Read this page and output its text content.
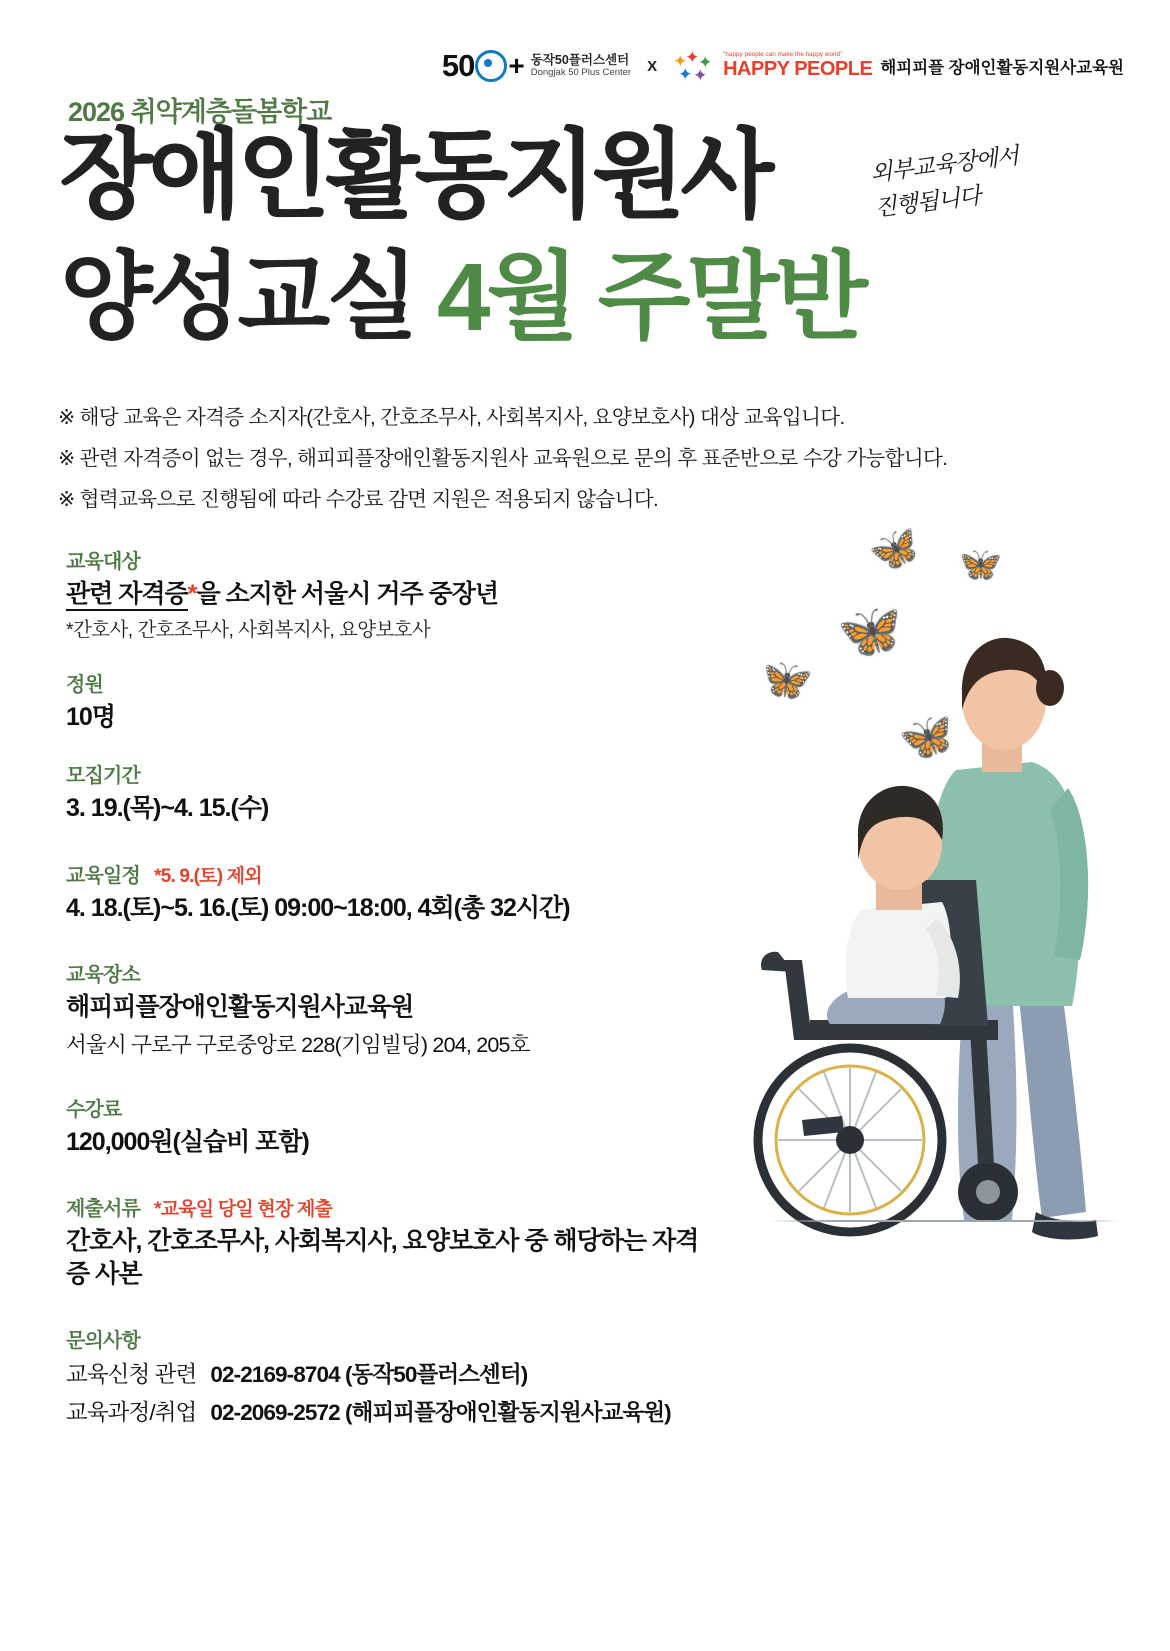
50 + 동작50플러스센터
Dongjak 50 Plus Center X ✦
✦
✦
✦ ✦
"happy people can make the happy world"
HAPPY PEOPLE 해피피플 장애인활동지원사교육원
2026 취약계층돌봄학교
장애인활동지원사
양성교실 4월 주말반
외부교육장에서
진행됩니다

※ 해당 교육은 자격증 소지자(간호사, 간호조무사, 사회복지사, 요양보호사) 대상 교육입니다.

※ 관련 자격증이 없는 경우, 해피피플장애인활동지원사 교육원으로 문의 후 표준반으로 수강 가능합니다.

※ 협력교육으로 진행됨에 따라 수강료 감면 지원은 적용되지 않습니다.

교육대상
관련 자격증*을 소지한 서울시 거주 중장년
*간호사, 간호조무사, 사회복지사, 요양보호사
정원
10명
모집기간
3. 19.(목)~4. 15.(수)
교육일정 *5. 9.(토) 제외
4. 18.(토)~5. 16.(토) 09:00~18:00, 4회(총 32시간)
교육장소
해피피플장애인활동지원사교육원
서울시 구로구 구로중앙로 228(기임빌딩) 204, 205호
수강료
120,000원(실습비 포함)
제출서류 *교육일 당일 현장 제출
간호사, 간호조무사, 사회복지사, 요양보호사 중 해당하는 자격증 사본
문의사항
교육신청 관련 02-2169-8704 (동작50플러스센터)
교육과정/취업 02-2069-2572 (해피피플장애인활동지원사교육원)
🦋 🦋
🦋
🦋
🦋
